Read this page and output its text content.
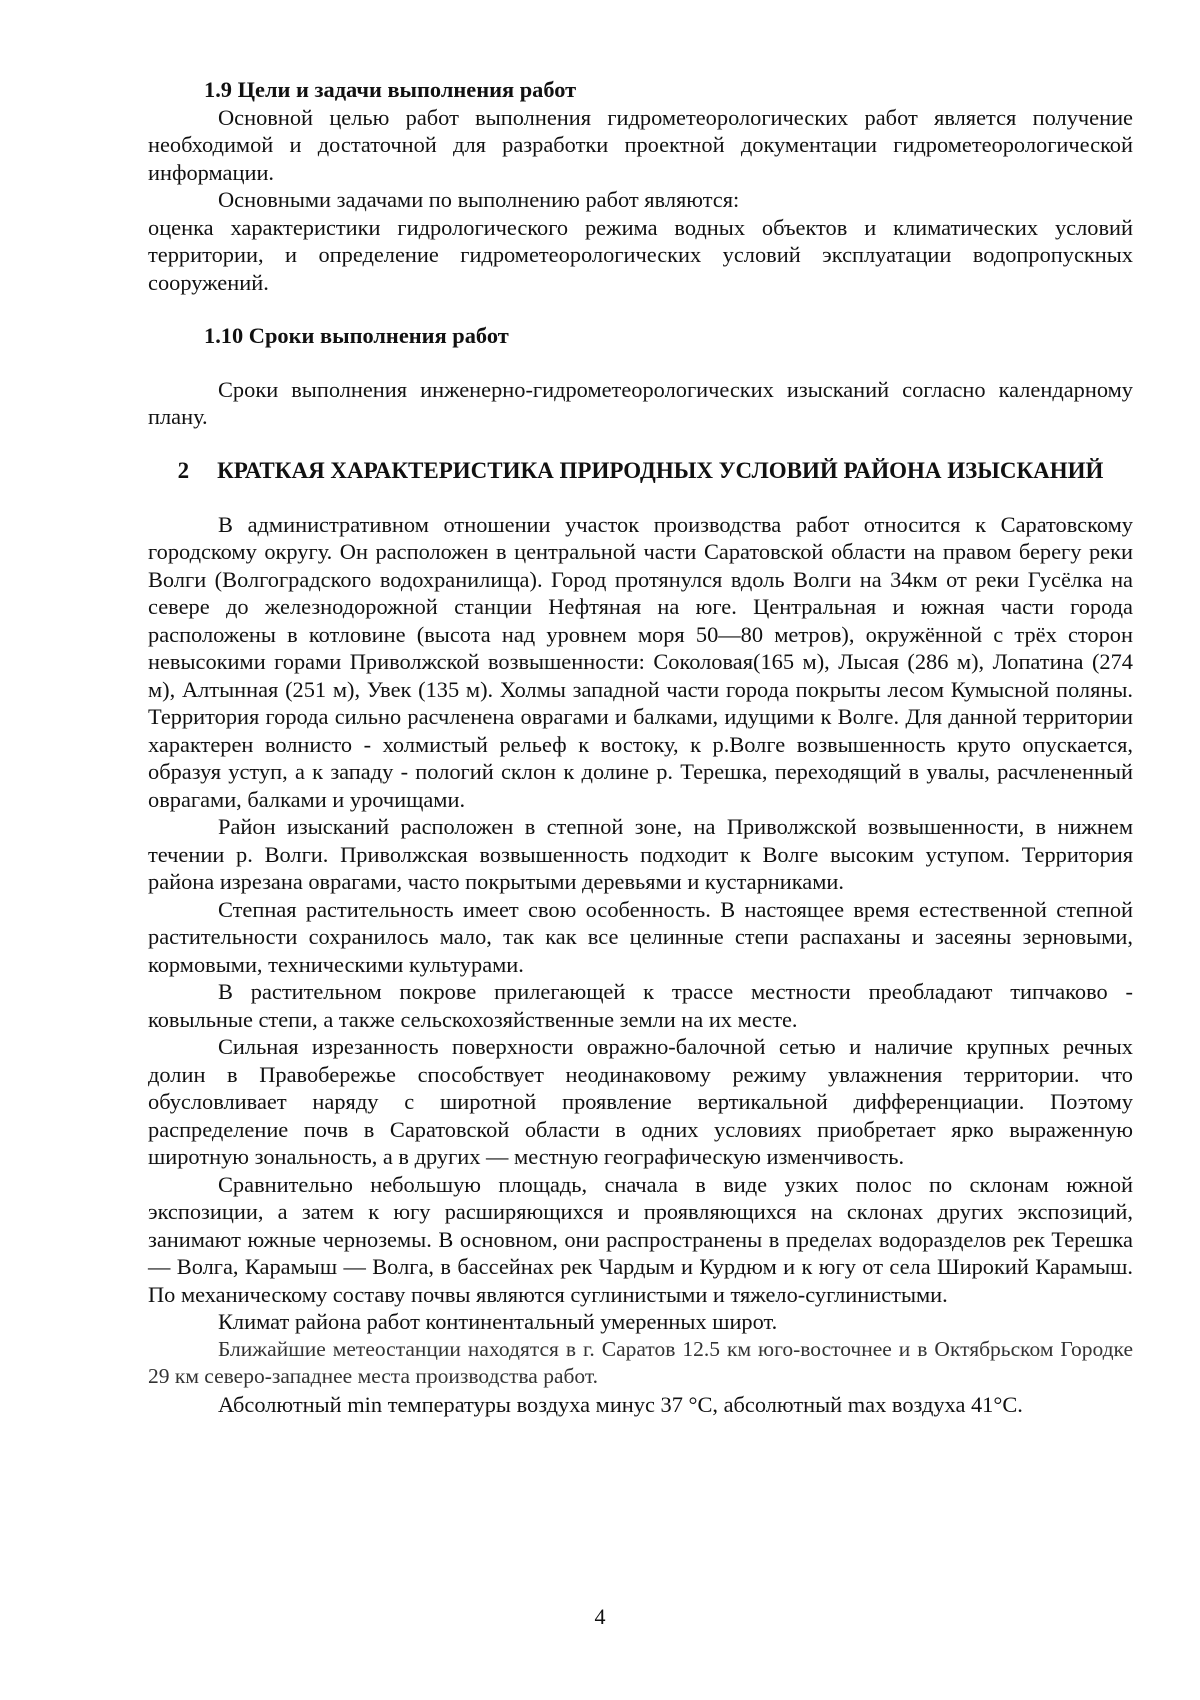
1.9 Цели и задачи выполнения работ

Основной целью работ выполнения гидрометеорологических работ является получение необходимой и достаточной для разработки проектной документации гидрометеорологической информации.

Основными задачами по выполнению работ являются:

оценка характеристики гидрологического режима водных объектов и климатических условий территории, и определение гидрометеорологических условий эксплуатации водопропускных сооружений.

1.10 Сроки выполнения работ

Сроки выполнения инженерно-гидрометеорологических изысканий согласно календарному плану.

2 КРАТКАЯ ХАРАКТЕРИСТИКА ПРИРОДНЫХ УСЛОВИЙ РАЙОНА ИЗЫСКАНИЙ

В административном отношении участок производства работ относится к Саратовскому городскому округу. Он расположен в центральной части Саратовской области на правом берегу реки Волги (Волгоградского водохранилища). Город протянулся вдоль Волги на 34км от реки Гусёлка на севере до железнодорожной станции Нефтяная на юге. Центральная и южная части города расположены в котловине (высота над уровнем моря 50—80 метров), окружённой с трёх сторон невысокими горами Приволжской возвышенности: Соколовая(165 м), Лысая (286 м), Лопатина (274 м), Алтынная (251 м), Увек (135 м). Холмы западной части города покрыты лесом Кумысной поляны. Территория города сильно расчленена оврагами и балками, идущими к Волге. Для данной территории характерен волнисто - холмистый рельеф к востоку, к р.Волге возвышенность круто опускается, образуя уступ, а к западу - пологий склон к долине р. Терешка, переходящий в увалы, расчлененный оврагами, балками и урочищами.

Район изысканий расположен в степной зоне, на Приволжской возвышенности, в нижнем течении р. Волги. Приволжская возвышенность подходит к Волге высоким уступом. Территория района изрезана оврагами, часто покрытыми деревьями и кустарниками.

Степная растительность имеет свою особенность. В настоящее время естественной степной растительности сохранилось мало, так как все целинные степи распаханы и засеяны зерновыми, кормовыми, техническими культурами.

В растительном покрове прилегающей к трассе местности преобладают типчаково - ковыльные степи, а также сельскохозяйственные земли на их месте.

Сильная изрезанность поверхности овражно-балочной сетью и наличие крупных речных долин в Правобережье способствует неодинаковому режиму увлажнения территории. что обусловливает наряду с широтной проявление вертикальной дифференциации. Поэтому распределение почв в Саратовской области в одних условиях приобретает ярко выраженную широтную зональность, а в других — местную географическую изменчивость.

Сравнительно небольшую площадь, сначала в виде узких полос по склонам южной экспозиции, а затем к югу расширяющихся и проявляющихся на склонах других экспозиций, занимают южные черноземы. В основном, они распространены в пределах водоразделов рек Терешка — Волга, Карамыш — Волга, в бассейнах рек Чардым и Курдюм и к югу от села Широкий Карамыш. По механическому составу почвы являются суглинистыми и тяжело-суглинистыми.

Климат района работ континентальный умеренных широт.

Ближайшие метеостанции находятся в г. Саратов 12.5 км юго-восточнее и в Октябрьском Городке 29 км северо-западнее места производства работ.

Абсолютный min температуры воздуха минус 37 °С, абсолютный max воздуха 41°С.

4
